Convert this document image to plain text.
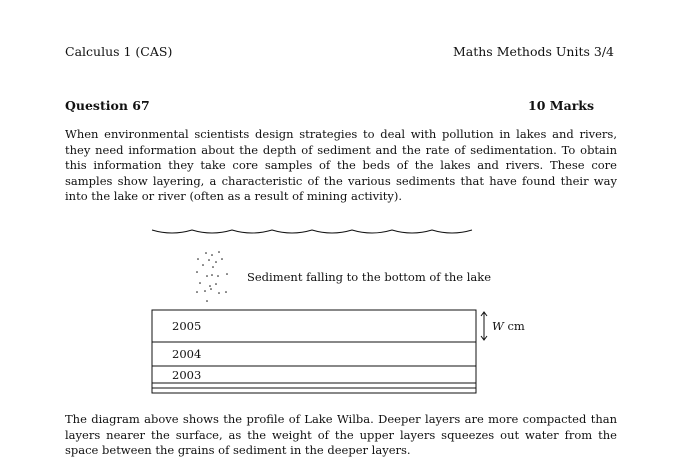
Calculus 1 (CAS)	Maths Methods Units 3/4
Question 67	10 Marks

When environmental scientists design strategies to deal with pollution in lakes and rivers, they need information about the depth of sediment and the rate of sedimentation. To obtain this information they take core samples of the beds of the lakes and rivers. These core samples show layering, a characteristic of the various sediments that have found their way into the lake or river (often as a result of mining activity).

Sediment falling to the bottom of the lake
2005
2004
2003
W cm

The diagram above shows the profile of Lake Wilba. Deeper layers are more compacted than layers nearer the surface, as the weight of the upper layers squeezes out water from the space between the grains of sediment in the deeper layers.
